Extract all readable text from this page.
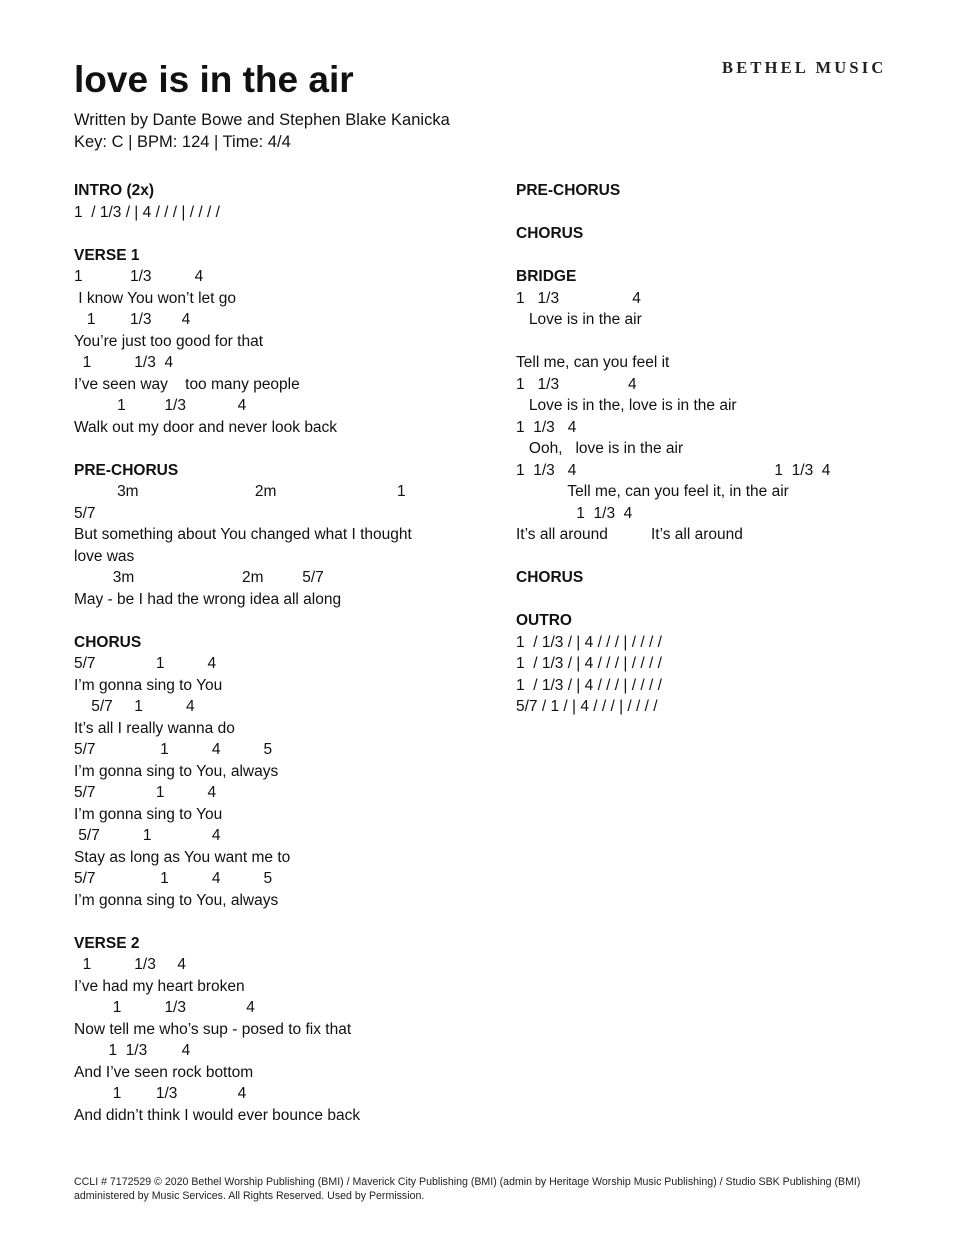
BETHEL MUSIC
love is in the air
Written by Dante Bowe and Stephen Blake Kanicka
Key: C | BPM: 124 | Time: 4/4
INTRO (2x)
1  / 1/3 / | 4 / / / | / / / /
VERSE 1
1           1/3          4
I know You won’t let go
1        1/3       4
You’re just too good for that
1          1/3  4
I’ve seen way    too many people
1         1/3            4
Walk out my door and never look back
PRE-CHORUS
3m                           2m                            1
5/7
But something about You changed what I thought
love was
3m                         2m         5/7
May - be I had the wrong idea all along
CHORUS
5/7              1          4
I’m gonna sing to You
5/7     1          4
It’s all I really wanna do
5/7               1          4          5
I’m gonna sing to You, always
5/7              1          4
I’m gonna sing to You
5/7          1              4
Stay as long as You want me to
5/7               1          4          5
I’m gonna sing to You, always
VERSE 2
1          1/3     4
I’ve had my heart broken
1          1/3              4
Now tell me who’s sup - posed to fix that
1  1/3        4
And I’ve seen rock bottom
1        1/3              4
And didn’t think I would ever bounce back
PRE-CHORUS
CHORUS
BRIDGE
1   1/3                 4
Love is in the air
Tell me, can you feel it
1   1/3                4
Love is in the, love is in the air
1  1/3   4
Ooh,   love is in the air
1  1/3   4                                              1  1/3  4
Tell me, can you feel it, in the air
1  1/3  4
It’s all around          It’s all around
CHORUS
OUTRO
1  / 1/3 / | 4 / / / | / / / /
1  / 1/3 / | 4 / / / | / / / /
1  / 1/3 / | 4 / / / | / / / /
5/7 / 1 / | 4 / / / | / / / /
CCLI # 7172529 © 2020 Bethel Worship Publishing (BMI) / Maverick City Publishing (BMI) (admin by Heritage Worship Music Publishing) / Studio SBK Publishing (BMI)
administered by Music Services. All Rights Reserved. Used by Permission.
